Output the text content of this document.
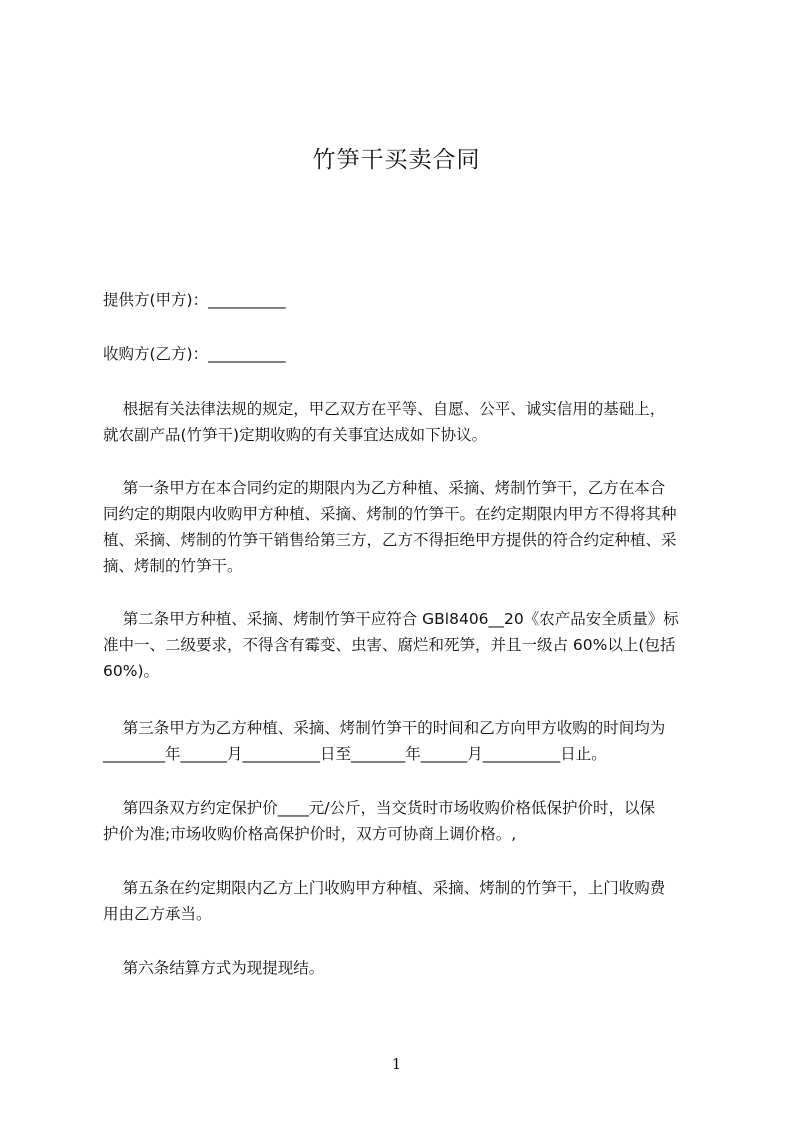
竹笋干买卖合同
提供方(甲方)：__________
收购方(乙方)：__________
根据有关法律法规的规定，甲乙双方在平等、自愿、公平、诚实信用的基础上，
就农副产品(竹笋干)定期收购的有关事宜达成如下协议。
第一条甲方在本合同约定的期限内为乙方种植、采摘、烤制竹笋干，乙方在本合
同约定的期限内收购甲方种植、采摘、烤制的竹笋干。在约定期限内甲方不得将其种
植、采摘、烤制的竹笋干销售给第三方，乙方不得拒绝甲方提供的符合约定种植、采
摘、烤制的竹笋干。
第二条甲方种植、采摘、烤制竹笋干应符合 GBl8406__20《农产品安全质量》标
准中一、二级要求，不得含有霉变、虫害、腐烂和死笋，并且一级占 60%以上(包括
60%)。
第三条甲方为乙方种植、采摘、烤制竹笋干的时间和乙方向甲方收购的时间均为
________年______月__________日至_______年______月__________日止。
第四条双方约定保护价____元/公斤，当交货时市场收购价格低保护价时，以保
护价为准;市场收购价格高保护价时，双方可协商上调价格。,
第五条在约定期限内乙方上门收购甲方种植、采摘、烤制的竹笋干，上门收购费
用由乙方承当。
第六条结算方式为现提现结。
1
